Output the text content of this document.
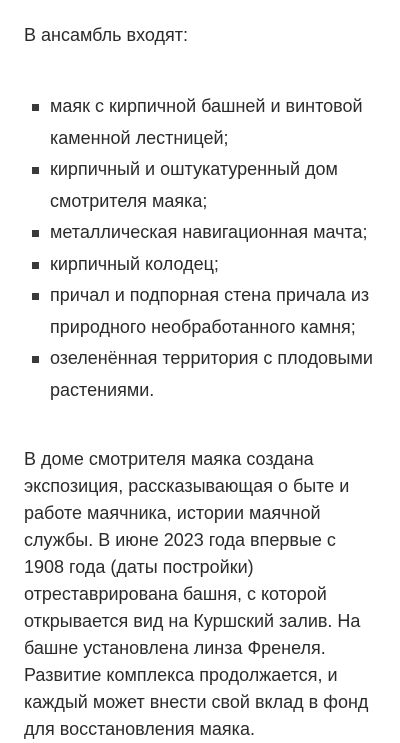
В ансамбль входят:

маяк с кирпичной башней и винтовой каменной лестницей;
кирпичный и оштукатуренный дом смотрителя маяка;
металлическая навигационная мачта;
кирпичный колодец;
причал и подпорная стена причала из природного необработанного камня;
озеленённая территория с плодовыми растениями.

В доме смотрителя маяка создана экспозиция, рассказывающая о быте и работе маячника, истории маячной службы. В июне 2023 года впервые с 1908 года (даты постройки) отреставрирована башня, с которой открывается вид на Куршский залив. На башне установлена линза Френеля. Развитие комплекса продолжается, и каждый может внести свой вклад в фонд для восстановления маяка.
